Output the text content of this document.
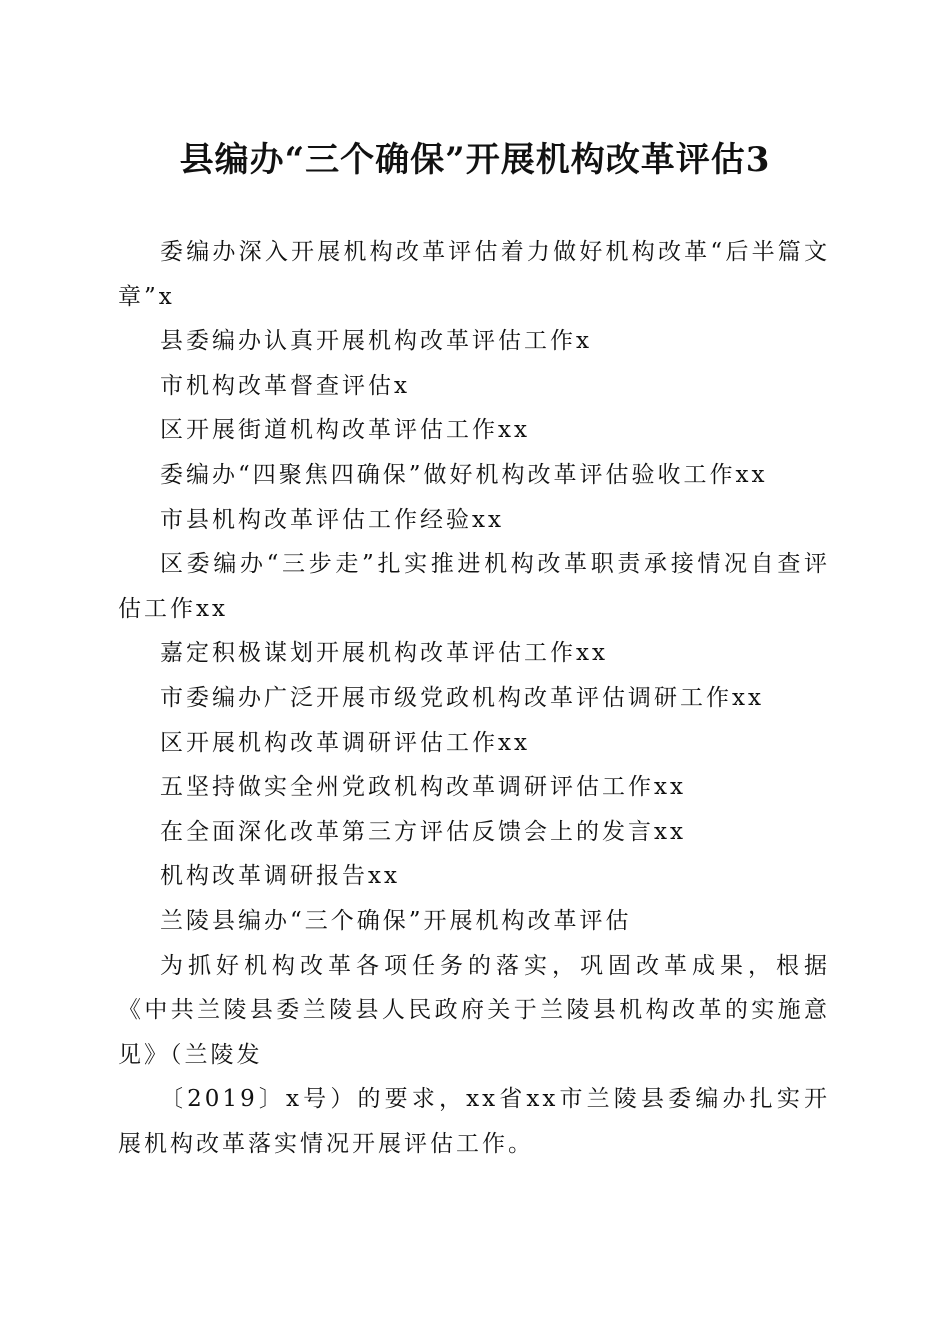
县编办“三个确保”开展机构改革评估3

委编办深入开展机构改革评估着力做好机构改革“后半篇文章”x

县委编办认真开展机构改革评估工作x

市机构改革督查评估x

区开展街道机构改革评估工作xx

委编办“四聚焦四确保”做好机构改革评估验收工作xx

市县机构改革评估工作经验xx

区委编办“三步走”扎实推进机构改革职责承接情况自查评估工作xx

嘉定积极谋划开展机构改革评估工作xx

市委编办广泛开展市级党政机构改革评估调研工作xx

区开展机构改革调研评估工作xx

五坚持做实全州党政机构改革调研评估工作xx

在全面深化改革第三方评估反馈会上的发言xx

机构改革调研报告xx

兰陵县编办“三个确保”开展机构改革评估

为抓好机构改革各项任务的落实，巩固改革成果，根据《中共兰陵县委兰陵县人民政府关于兰陵县机构改革的实施意见》（兰陵发

〔2019〕x号）的要求，xx省xx市兰陵县委编办扎实开展机构改革落实情况开展评估工作。
